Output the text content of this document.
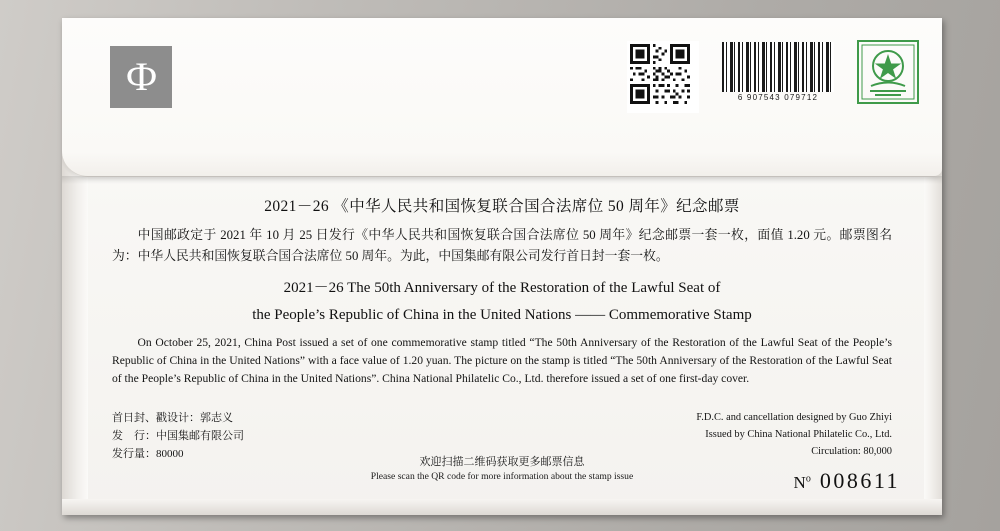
Ф	6 907543 079712
2021－26 《中华人民共和国恢复联合国合法席位 50 周年》纪念邮票
中国邮政定于 2021 年 10 月 25 日发行《中华人民共和国恢复联合国合法席位 50 周年》纪念邮票一套一枚，面值 1.20 元。邮票图名为：中华人民共和国恢复联合国合法席位 50 周年。为此，中国集邮有限公司发行首日封一套一枚。
2021－26 The 50th Anniversary of the Restoration of the Lawful Seat of
the People’s Republic of China in the United Nations —— Commemorative Stamp
On October 25, 2021, China Post issued a set of one commemorative stamp titled “The 50th Anniversary of the Restoration of the Lawful Seat of the People’s Republic of China in the United Nations” with a face value of 1.20 yuan. The picture on the stamp is titled “The 50th Anniversary of the Restoration of the Lawful Seat of the People’s Republic of China in the United Nations”. China National Philatelic Co., Ltd. therefore issued a set of one first-day cover.
首日封、戳设计：郭志义
发　行：中国集邮有限公司
发行量：80000
F.D.C. and cancellation designed by Guo Zhiyi
Issued by China National Philatelic Co., Ltd.
Circulation: 80,000
欢迎扫描二维码获取更多邮票信息
Please scan the QR code for more information about the stamp issue	$N^o$ 008611
